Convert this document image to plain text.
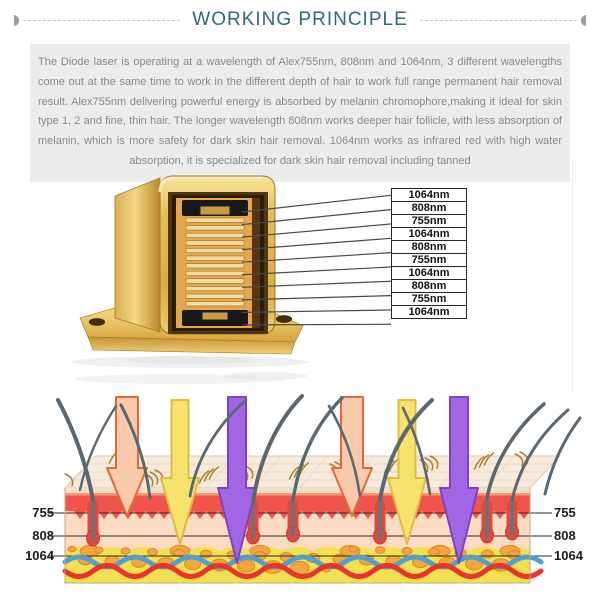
WORKING PRINCIPLE

The Diode laser is operating at a wavelength of Alex755nm, 808nm and 1064nm, 3 different wavelengths come out at the same time to work in the different depth of hair to work full range permanent hair removal result. Alex755nm delivering powerful energy is absorbed by melanin chromophore,making it ideal for skin type 1, 2 and fine, thin hair. The longer wavelength 808nm works deeper hair follicle, with less absorption of melanin, which is more safety for dark skin hair removal. 1064nm works as infrared red with high water absorption, it is specialized for dark skin hair removal including tanned

1064nm
808nm
755nm
1064nm
808nm
755nm
1064nm
808nm
755nm
1064nm
755
808
1064
755
808
1064
